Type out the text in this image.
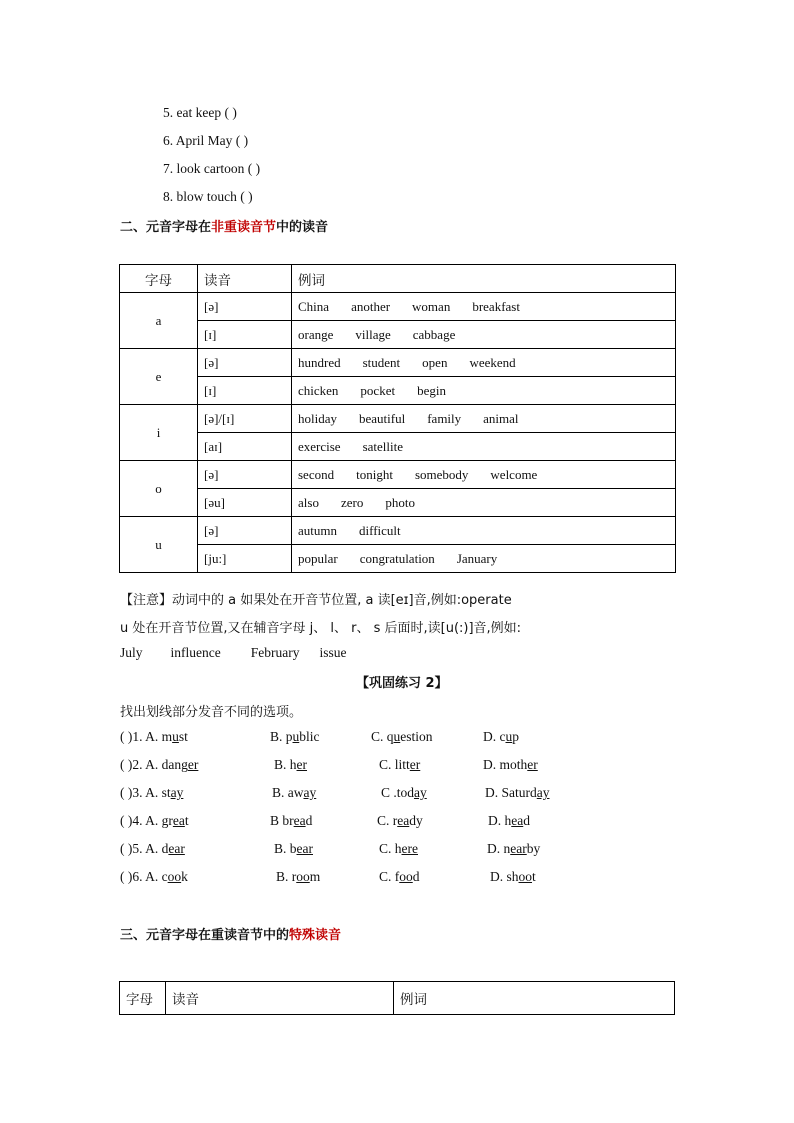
5. eat keep ( )
6. April May ( )
7. look cartoon ( )
8. blow touch ( )
二、元音字母在非重读音节中的读音
字母	读音	例词
a	[ə]	China another woman breakfast
	[ɪ]	orange village cabbage
e	[ə]	hundred student open weekend
	[ɪ]	chicken pocket begin
i	[ə]/[ɪ]	holiday beautiful family animal
	[aɪ]	exercise satellite
o	[ə]	second tonight somebody welcome
	[əu]	also zero photo
u	[ə]	autumn difficult
	[ju:]	popular congratulation January
【注意】动词中的 a 如果处在开音节位置, a 读[eɪ]音,例如:operate
u 处在开音节位置,又在辅音字母 j、 l、 r、 s 后面时,读[u(:)]音,例如:
July influence February issue
【巩固练习 2】
找出划线部分发音不同的选项。
( )1. A. must	B. public	C. question	D. cup
( )2. A. danger	B. her	C. litter	D. mother
( )3. A. stay	B. away	C .today	D. Saturday
( )4. A. great	B bread	C. ready	D. head
( )5. A. dear	B. bear	C. here	D. nearby
( )6. A. cook	B. room	C. food	D. shoot
三、元音字母在重读音节中的特殊读音
字母	读音	例词
